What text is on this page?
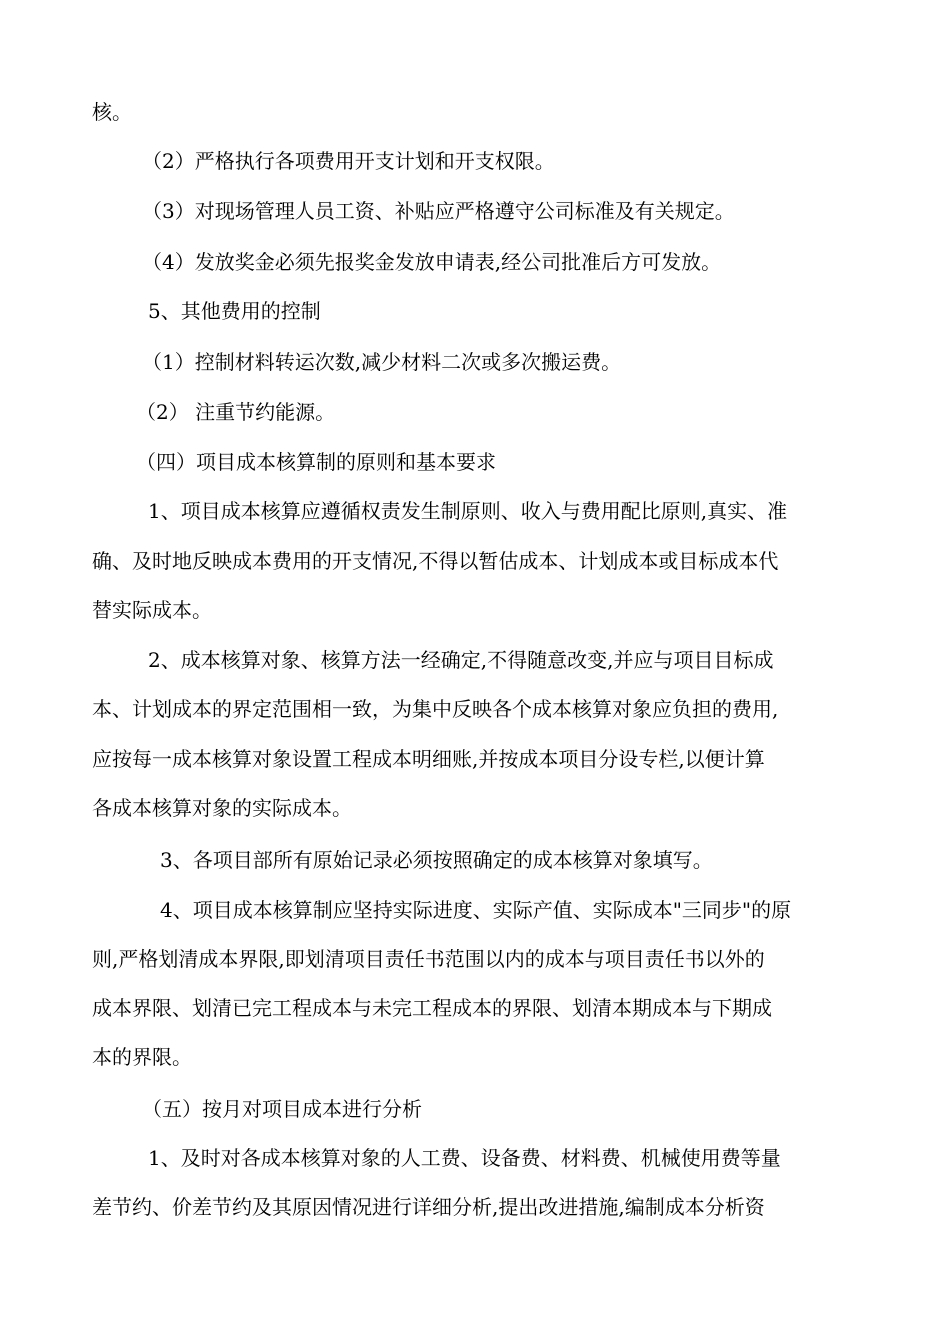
核。
（2）严格执行各项费用开支计划和开支权限。
（3）对现场管理人员工资、补贴应严格遵守公司标准及有关规定。
（4）发放奖金必须先报奖金发放申请表,经公司批准后方可发放。
5、其他费用的控制
（1）控制材料转运次数,减少材料二次或多次搬运费。
（2） 注重节约能源。
（四）项目成本核算制的原则和基本要求
1、项目成本核算应遵循权责发生制原则、收入与费用配比原则,真实、准
确、及时地反映成本费用的开支情况,不得以暂估成本、计划成本或目标成本代
替实际成本。
2、成本核算对象、核算方法一经确定,不得随意改变,并应与项目目标成
本、计划成本的界定范围相一致，为集中反映各个成本核算对象应负担的费用,
应按每一成本核算对象设置工程成本明细账,并按成本项目分设专栏,以便计算
各成本核算对象的实际成本。
3、各项目部所有原始记录必须按照确定的成本核算对象填写。
4、项目成本核算制应坚持实际进度、实际产值、实际成本"三同步"的原
则,严格划清成本界限,即划清项目责任书范围以内的成本与项目责任书以外的
成本界限、划清已完工程成本与未完工程成本的界限、划清本期成本与下期成
本的界限。
（五）按月对项目成本进行分析
1、及时对各成本核算对象的人工费、设备费、材料费、机械使用费等量
差节约、价差节约及其原因情况进行详细分析,提出改进措施,编制成本分析资
